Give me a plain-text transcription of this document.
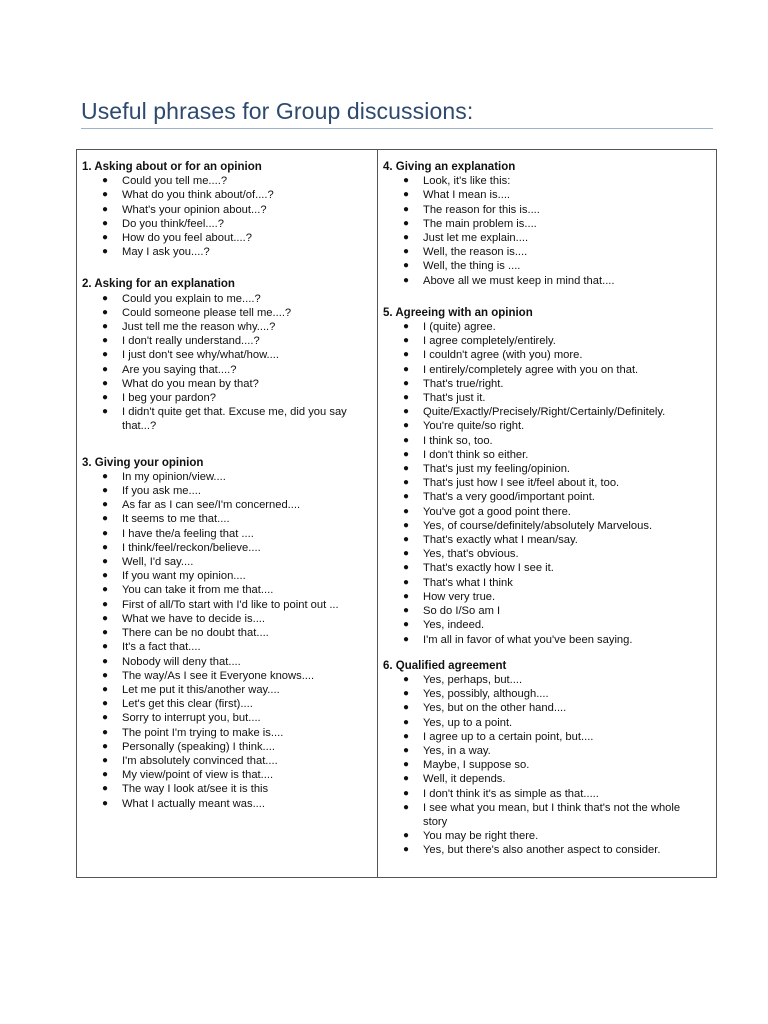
Useful phrases for Group discussions:
1. Asking about or for an opinion
● Could you tell me....?
● What do you think about/of....?
● What's your opinion about...?
● Do you think/feel....?
● How do you feel about....?
● May I ask you....?
2. Asking for an explanation
● Could you explain to me....?
● Could someone please tell me....?
● Just tell me the reason why....?
● I don't really understand....?
● I just don't see why/what/how....
● Are you saying that....?
● What do you mean by that?
● I beg your pardon?
● I didn't quite get that. Excuse me, did you say that...?
3. Giving your opinion
● In my opinion/view....
● If you ask me....
● As far as I can see/I'm concerned....
● It seems to me that....
● I have the/a feeling that ....
● I think/feel/reckon/believe....
● Well, I'd say....
● If you want my opinion....
● You can take it from me that....
● First of all/To start with I'd like to point out ...
● What we have to decide is....
● There can be no doubt that....
● It's a fact that....
● Nobody will deny that....
● The way/As I see it Everyone knows....
● Let me put it this/another way....
● Let's get this clear (first)....
● Sorry to interrupt you, but....
● The point I'm trying to make is....
● Personally (speaking) I think....
● I'm absolutely convinced that....
● My view/point of view is that....
● The way I look at/see it is this
● What I actually meant was....
4. Giving an explanation
● Look, it's like this:
● What I mean is....
● The reason for this is....
● The main problem is....
● Just let me explain....
● Well, the reason is....
● Well, the thing is ....
● Above all we must keep in mind that....
5. Agreeing with an opinion
● I (quite) agree.
● I agree completely/entirely.
● I couldn't agree (with you) more.
● I entirely/completely agree with you on that.
● That's true/right.
● That's just it.
● Quite/Exactly/Precisely/Right/Certainly/Definitely.
● You're quite/so right.
● I think so, too.
● I don't think so either.
● That's just my feeling/opinion.
● That's just how I see it/feel about it, too.
● That's a very good/important point.
● You've got a good point there.
● Yes, of course/definitely/absolutely Marvelous.
● That's exactly what I mean/say.
● Yes, that's obvious.
● That's exactly how I see it.
● That's what I think
● How very true.
● So do I/So am I
● Yes, indeed.
● I'm all in favor of what you've been saying.
6. Qualified agreement
● Yes, perhaps, but....
● Yes, possibly, although....
● Yes, but on the other hand....
● Yes, up to a point.
● I agree up to a certain point, but....
● Yes, in a way.
● Maybe, I suppose so.
● Well, it depends.
● I don't think it's as simple as that.....
● I see what you mean, but I think that's not the whole story
● You may be right there.
● Yes, but there's also another aspect to consider.
